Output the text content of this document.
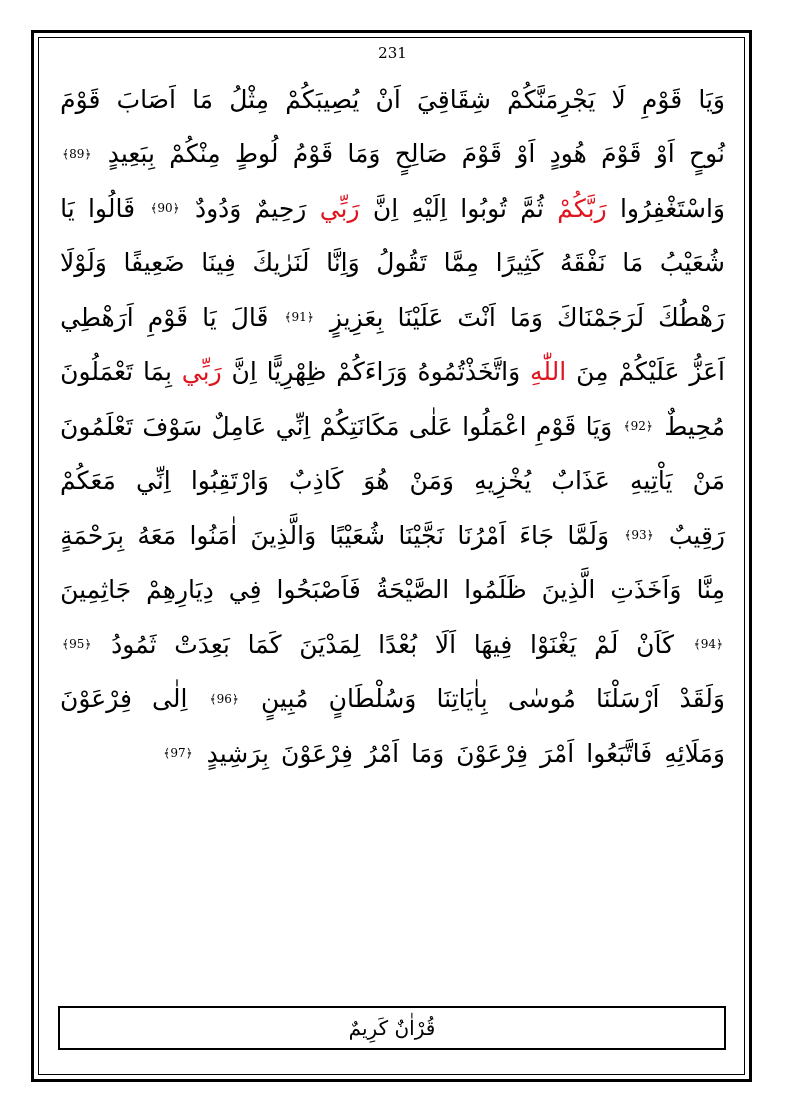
231
وَيَا
قَوْمِ
لَا
يَجْرِمَنَّكُمْ
شِقَاقِيَ
اَنْ
يُصِيبَكُمْ
مِثْلُ
مَا
اَصَابَ
قَوْمَ
نُوحٍ
اَوْ
قَوْمَ
هُودٍ
اَوْ
قَوْمَ
صَالِحٍ
وَمَا
قَوْمُ
لُوطٍ
مِنْكُمْ
بِبَعِيدٍ
﴿89﴾
وَاسْتَغْفِرُوا
رَبَّكُمْ
ثُمَّ
تُوبُوا
اِلَيْهِ
اِنَّ
رَبِّي
رَحِيمٌ
وَدُودٌ
﴿90﴾
قَالُوا
يَا
شُعَيْبُ
مَا
نَفْقَهُ
كَثِيرًا
مِمَّا
تَقُولُ
وَاِنَّا
لَنَرٰيكَ
فِينَا
ضَعِيفًا
وَلَوْلَا
رَهْطُكَ
لَرَجَمْنَاكَ
وَمَا
اَنْتَ
عَلَيْنَا
بِعَزِيزٍ
﴿91﴾
قَالَ
يَا
قَوْمِ
اَرَهْطِي
اَعَزُّ
عَلَيْكُمْ
مِنَ
اللّٰهِ
وَاتَّخَذْتُمُوهُ
وَرَاءَكُمْ
ظِهْرِيًّا
اِنَّ
رَبِّي
بِمَا
تَعْمَلُونَ
مُحِيطٌ
﴿92﴾
وَيَا
قَوْمِ
اعْمَلُوا
عَلٰى
مَكَانَتِكُمْ
اِنِّي
عَامِلٌ
سَوْفَ
تَعْلَمُونَ
مَنْ
يَاْتِيهِ
عَذَابٌ
يُخْزِيهِ
وَمَنْ
هُوَ
كَاذِبٌ
وَارْتَقِبُوا
اِنِّي
مَعَكُمْ
رَقِيبٌ
﴿93﴾
وَلَمَّا
جَاءَ
اَمْرُنَا
نَجَّيْنَا
شُعَيْبًا
وَالَّذِينَ
اٰمَنُوا
مَعَهُ
بِرَحْمَةٍ
مِنَّا
وَاَخَذَتِ
الَّذِينَ
ظَلَمُوا
الصَّيْحَةُ
فَاَصْبَحُوا
فِي
دِيَارِهِمْ
جَاثِمِينَ
﴿94﴾
كَاَنْ
لَمْ
يَغْنَوْا
فِيهَا
اَلَا
بُعْدًا
لِمَدْيَنَ
كَمَا
بَعِدَتْ
ثَمُودُ
﴿95﴾
وَلَقَدْ
اَرْسَلْنَا
مُوسٰى
بِاٰيَاتِنَا
وَسُلْطَانٍ
مُبِينٍ
﴿96﴾
اِلٰى
فِرْعَوْنَ
وَمَلَائِهِ
فَاتَّبَعُوا
اَمْرَ
فِرْعَوْنَ
وَمَا
اَمْرُ
فِرْعَوْنَ
بِرَشِيدٍ
﴿97﴾
قُرْاٰنٌ كَرِيمٌ
